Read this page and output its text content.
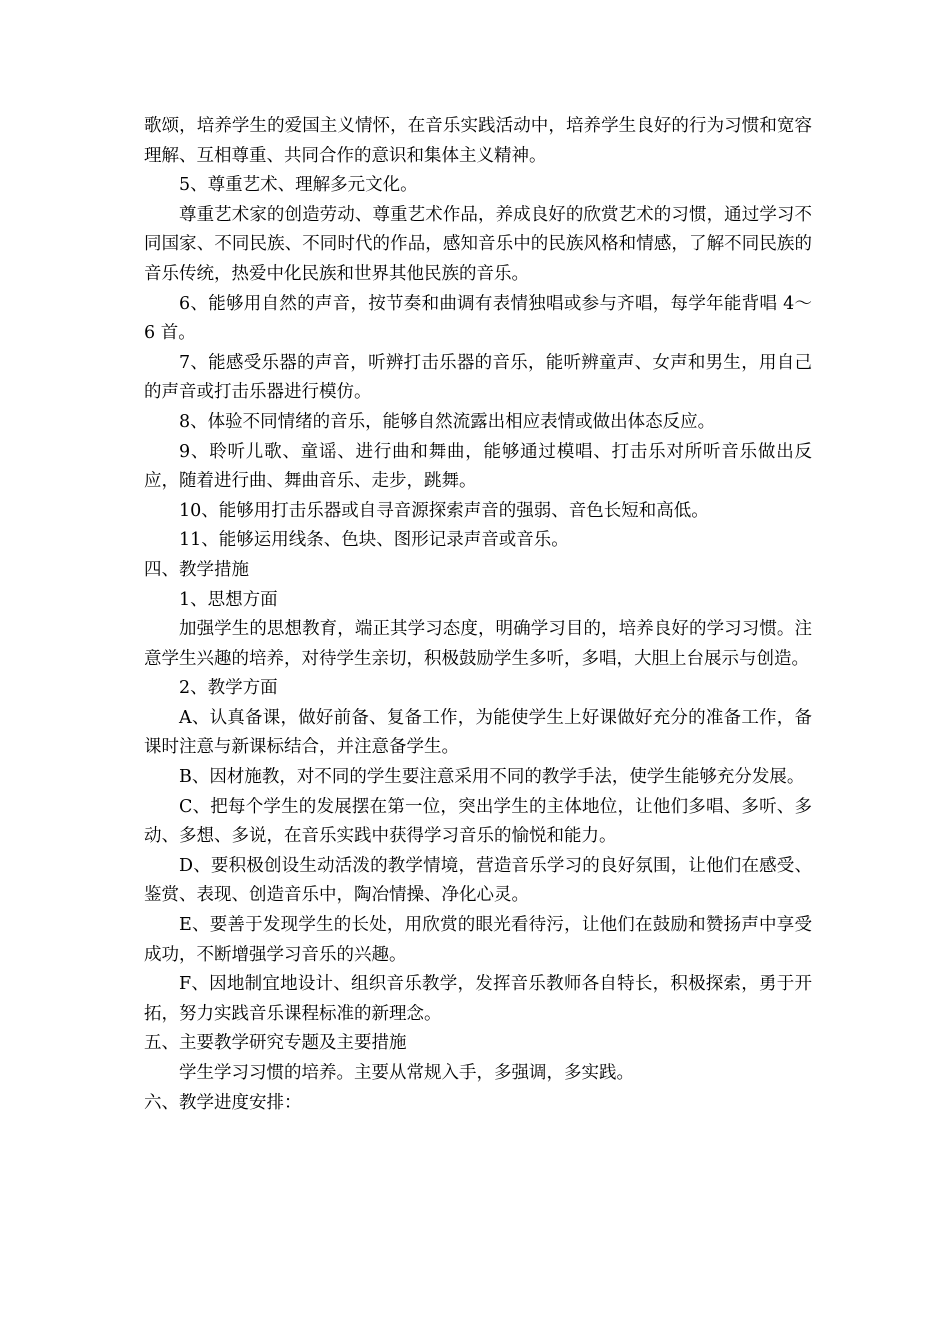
歌颂，培养学生的爱国主义情怀，在音乐实践活动中，培养学生良好的行为习惯和宽容理解、互相尊重、共同合作的意识和集体主义精神。

5、尊重艺术、理解多元文化。

尊重艺术家的创造劳动、尊重艺术作品，养成良好的欣赏艺术的习惯，通过学习不同国家、不同民族、不同时代的作品，感知音乐中的民族风格和情感，了解不同民族的音乐传统，热爱中化民族和世界其他民族的音乐。

6、能够用自然的声音，按节奏和曲调有表情独唱或参与齐唱，每学年能背唱 4～6 首。

7、能感受乐器的声音，听辨打击乐器的音乐，能听辨童声、女声和男生，用自己的声音或打击乐器进行模仿。

8、体验不同情绪的音乐，能够自然流露出相应表情或做出体态反应。

9、聆听儿歌、童谣、进行曲和舞曲，能够通过模唱、打击乐对所听音乐做出反应，随着进行曲、舞曲音乐、走步，跳舞。

10、能够用打击乐器或自寻音源探索声音的强弱、音色长短和高低。

11、能够运用线条、色块、图形记录声音或音乐。

四、教学措施

1、思想方面

加强学生的思想教育，端正其学习态度，明确学习目的，培养良好的学习习惯。注意学生兴趣的培养，对待学生亲切，积极鼓励学生多听，多唱，大胆上台展示与创造。

2、教学方面

A、认真备课，做好前备、复备工作，为能使学生上好课做好充分的准备工作，备课时注意与新课标结合，并注意备学生。

B、因材施教，对不同的学生要注意采用不同的教学手法，使学生能够充分发展。

C、把每个学生的发展摆在第一位，突出学生的主体地位，让他们多唱、多听、多动、多想、多说，在音乐实践中获得学习音乐的愉悦和能力。

D、要积极创设生动活泼的教学情境，营造音乐学习的良好氛围，让他们在感受、鉴赏、表现、创造音乐中，陶冶情操、净化心灵。

E、要善于发现学生的长处，用欣赏的眼光看待污，让他们在鼓励和赞扬声中享受成功，不断增强学习音乐的兴趣。

F、因地制宜地设计、组织音乐教学，发挥音乐教师各自特长，积极探索，勇于开拓，努力实践音乐课程标准的新理念。

五、主要教学研究专题及主要措施

学生学习习惯的培养。主要从常规入手，多强调，多实践。

六、教学进度安排：
